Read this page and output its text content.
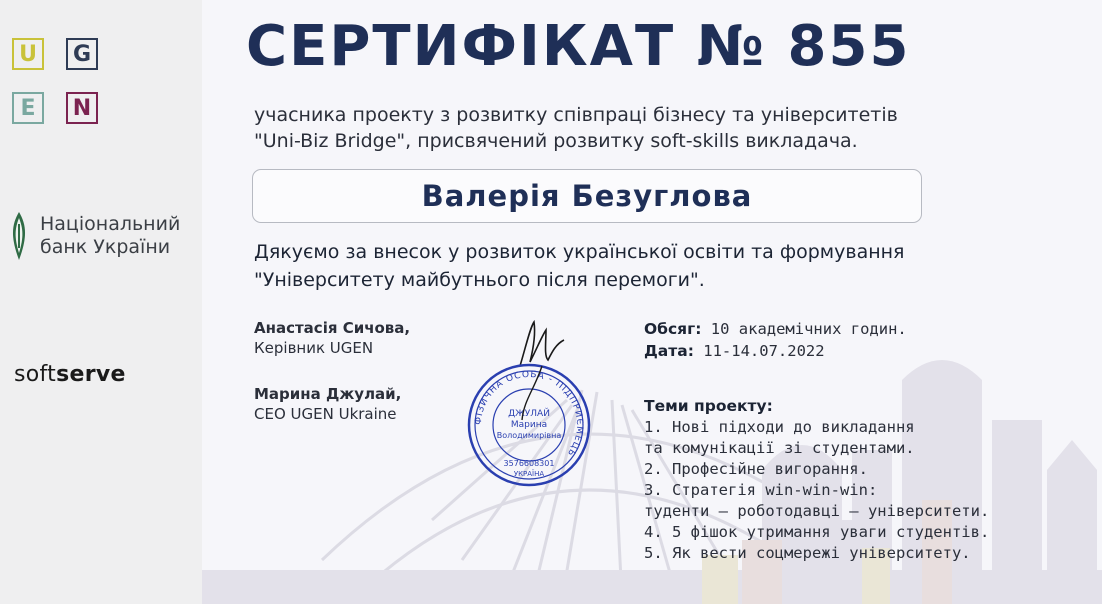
U	G
E	N
Національний
банк України
softserve
СЕРТИФІКАТ № 855
учасника проекту з розвитку співпраці бізнесу та університетів
"Uni-Biz Bridge", присвячений розвитку soft-skills викладача.
Валерія Безуглова
Дякуємо за внесок у розвиток української освіти та формування
"Університету майбутнього після перемоги".
Анастасія Сичова,
Керівник UGEN
Марина Джулай,
CEO UGEN Ukraine	ФІЗИЧНА ОСОБА - ПІДПРИЄМЕЦЬ
ДЖУЛАЙ
Марина
Володимирівна
3576608301
УКРАЇНА
Обсяг: 10 академічних годин.
Дата: 11-14.07.2022
Теми проекту:
1. Нові підходи до викладання
та комунікації зі студентами.
2. Професійне вигорання.
3. Стратегія win-win-win:
туденти – роботодавці – університети.
4. 5 фішок утримання уваги студентів.
5. Як вести соцмережі університету.
